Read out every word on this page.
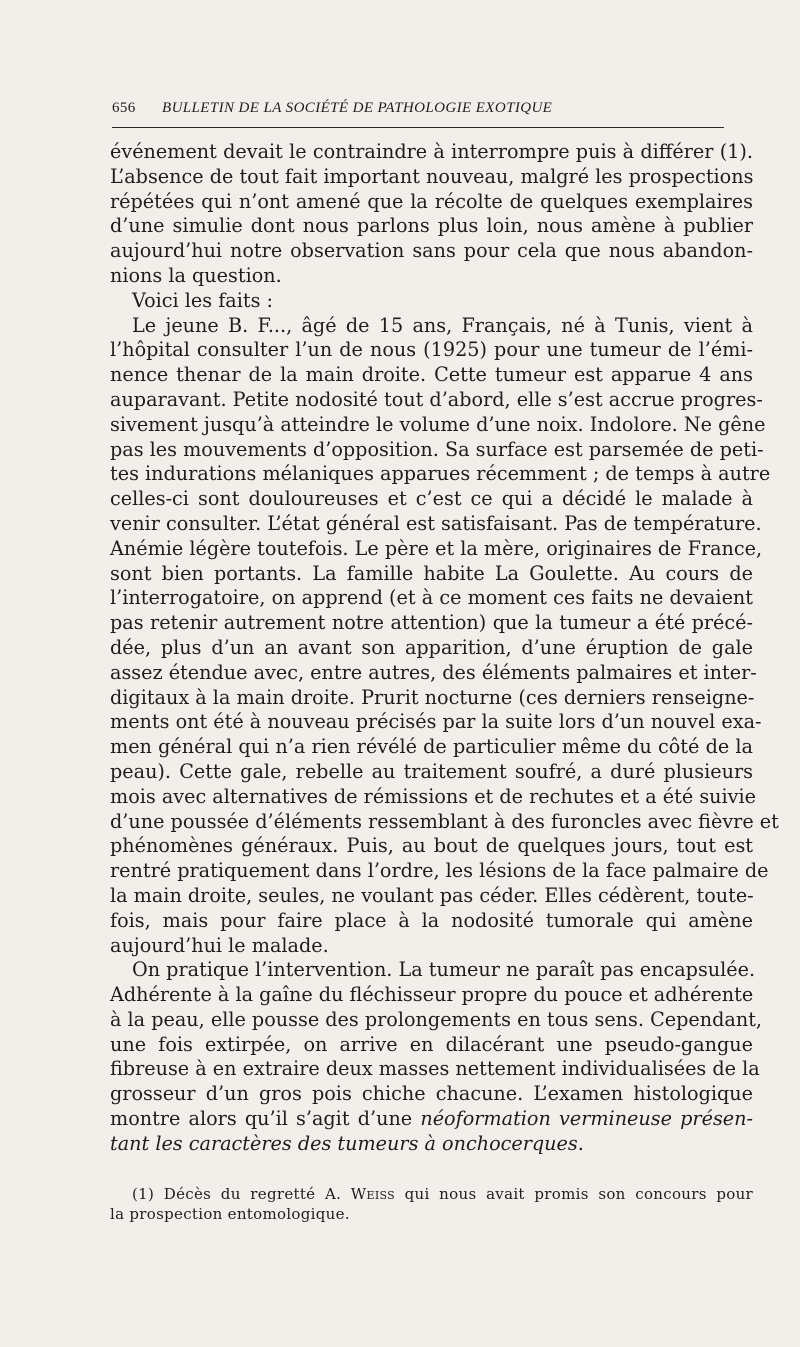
656 BULLETIN DE LA SOCIÉTÉ DE PATHOLOGIE EXOTIQUE

événement devait le contraindre à interrompre puis à différer (1).
L’absence de tout fait important nouveau, malgré les prospections
répétées qui n’ont amené que la récolte de quelques exemplaires
d’une simulie dont nous parlons plus loin, nous amène à publier
aujourd’hui notre observation sans pour cela que nous abandon-
nions la question.

Voici les faits :

Le jeune B. F..., âgé de 15 ans, Français, né à Tunis, vient à
l’hôpital consulter l’un de nous (1925) pour une tumeur de l’émi-
nence thenar de la main droite. Cette tumeur est apparue 4 ans
auparavant. Petite nodosité tout d’abord, elle s’est accrue progres-
sivement jusqu’à atteindre le volume d’une noix. Indolore. Ne gêne
pas les mouvements d’opposition. Sa surface est parsemée de peti-
tes indurations mélaniques apparues récemment ; de temps à autre
celles-ci sont douloureuses et c’est ce qui a décidé le malade à
venir consulter. L’état général est satisfaisant. Pas de température.
Anémie légère toutefois. Le père et la mère, originaires de France,
sont bien portants. La famille habite La Goulette. Au cours de
l’interrogatoire, on apprend (et à ce moment ces faits ne devaient
pas retenir autrement notre attention) que la tumeur a été précé-
dée, plus d’un an avant son apparition, d’une éruption de gale
assez étendue avec, entre autres, des éléments palmaires et inter-
digitaux à la main droite. Prurit nocturne (ces derniers renseigne-
ments ont été à nouveau précisés par la suite lors d’un nouvel exa-
men général qui n’a rien révélé de particulier même du côté de la
peau). Cette gale, rebelle au traitement soufré, a duré plusieurs
mois avec alternatives de rémissions et de rechutes et a été suivie
d’une poussée d’éléments ressemblant à des furoncles avec fièvre et
phénomènes généraux. Puis, au bout de quelques jours, tout est
rentré pratiquement dans l’ordre, les lésions de la face palmaire de
la main droite, seules, ne voulant pas céder. Elles cédèrent, toute-
fois, mais pour faire place à la nodosité tumorale qui amène
aujourd’hui le malade.

On pratique l’intervention. La tumeur ne paraît pas encapsulée.
Adhérente à la gaîne du fléchisseur propre du pouce et adhérente
à la peau, elle pousse des prolongements en tous sens. Cependant,
une fois extirpée, on arrive en dilacérant une pseudo-gangue
fibreuse à en extraire deux masses nettement individualisées de la
grosseur d’un gros pois chiche chacune. L’examen histologique
montre alors qu’il s’agit d’une néoformation vermineuse présen-
tant les caractères des tumeurs à onchocerques.

(1) Décès du regretté A. Weiss qui nous avait promis son concours pour
la prospection entomologique.
